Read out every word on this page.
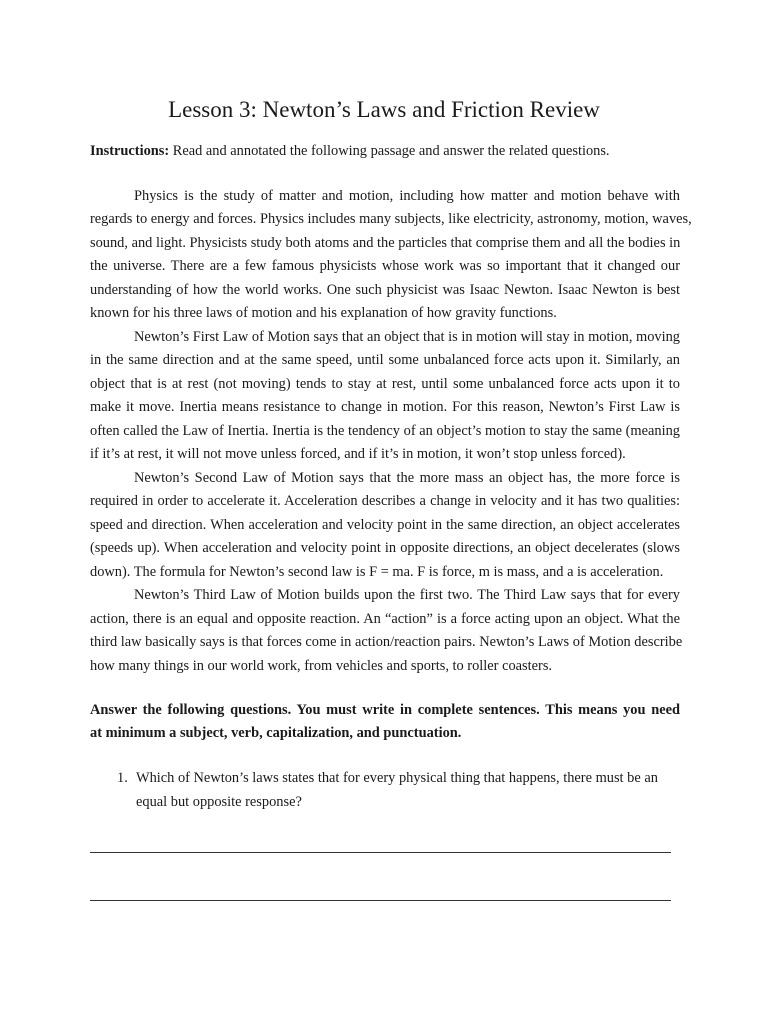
Lesson 3: Newton’s Laws and Friction Review
Instructions: Read and annotated the following passage and answer the related questions.
Physics is the study of matter and motion, including how matter and motion behave with
regards to energy and forces. Physics includes many subjects, like electricity, astronomy, motion, waves,
sound, and light. Physicists study both atoms and the particles that comprise them and all the bodies in
the universe. There are a few famous physicists whose work was so important that it changed our
understanding of how the world works. One such physicist was Isaac Newton. Isaac Newton is best
known for his three laws of motion and his explanation of how gravity functions.
Newton’s First Law of Motion says that an object that is in motion will stay in motion, moving
in the same direction and at the same speed, until some unbalanced force acts upon it. Similarly, an
object that is at rest (not moving) tends to stay at rest, until some unbalanced force acts upon it to
make it move. Inertia means resistance to change in motion. For this reason, Newton’s First Law is
often called the Law of Inertia. Inertia is the tendency of an object’s motion to stay the same (meaning
if it’s at rest, it will not move unless forced, and if it’s in motion, it won’t stop unless forced).
Newton’s Second Law of Motion says that the more mass an object has, the more force is
required in order to accelerate it. Acceleration describes a change in velocity and it has two qualities:
speed and direction. When acceleration and velocity point in the same direction, an object accelerates
(speeds up). When acceleration and velocity point in opposite directions, an object decelerates (slows
down). The formula for Newton’s second law is F = ma. F is force, m is mass, and a is acceleration.
Newton’s Third Law of Motion builds upon the first two. The Third Law says that for every
action, there is an equal and opposite reaction. An “action” is a force acting upon an object. What the
third law basically says is that forces come in action/reaction pairs. Newton’s Laws of Motion describe
how many things in our world work, from vehicles and sports, to roller coasters.
Answer the following questions. You must write in complete sentences. This means you need
at minimum a subject, verb, capitalization, and punctuation.
1. Which of Newton’s laws states that for every physical thing that happens, there must be an
equal but opposite response?
